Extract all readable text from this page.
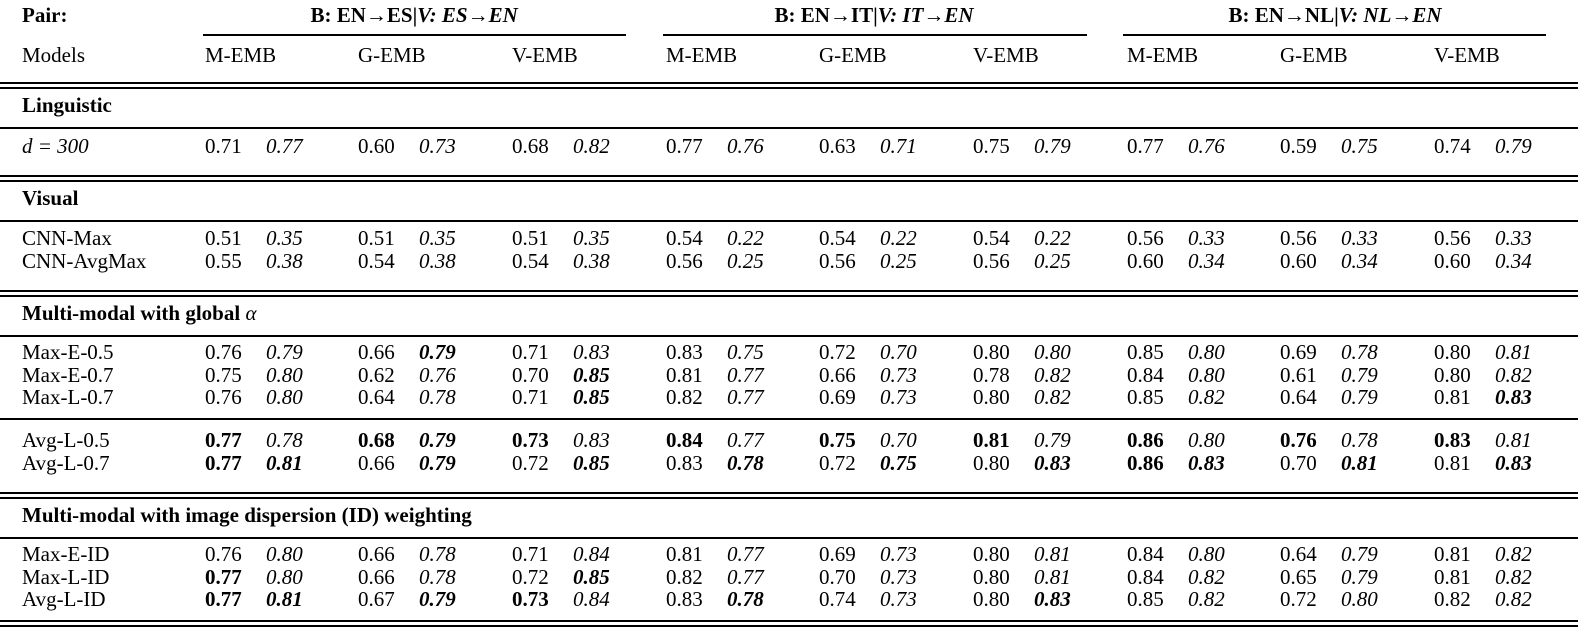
Pair:	B: EN→ES|V: ES→EN	B: EN→IT|V: IT→EN	B: EN→NL|V: NL→EN
Models	M-EMB	G-EMB	V-EMB	M-EMB	G-EMB	V-EMB	M-EMB	G-EMB	V-EMB
Linguistic
d = 300	0.71 0.77	0.60 0.73	0.68 0.82	0.77 0.76	0.63 0.71	0.75 0.79	0.77 0.76	0.59 0.75	0.74 0.79
Visual
CNN-Max	0.51 0.35	0.51 0.35	0.51 0.35	0.54 0.22	0.54 0.22	0.54 0.22	0.56 0.33	0.56 0.33	0.56 0.33
CNN-AvgMax	0.55 0.38	0.54 0.38	0.54 0.38	0.56 0.25	0.56 0.25	0.56 0.25	0.60 0.34	0.60 0.34	0.60 0.34
Multi-modal with global α
Max-E-0.5	0.76 0.79	0.66 0.79	0.71 0.83	0.83 0.75	0.72 0.70	0.80 0.80	0.85 0.80	0.69 0.78	0.80 0.81
Max-E-0.7	0.75 0.80	0.62 0.76	0.70 0.85	0.81 0.77	0.66 0.73	0.78 0.82	0.84 0.80	0.61 0.79	0.80 0.82
Max-L-0.7	0.76 0.80	0.64 0.78	0.71 0.85	0.82 0.77	0.69 0.73	0.80 0.82	0.85 0.82	0.64 0.79	0.81 0.83
Avg-L-0.5	0.77 0.78	0.68 0.79	0.73 0.83	0.84 0.77	0.75 0.70	0.81 0.79	0.86 0.80	0.76 0.78	0.83 0.81
Avg-L-0.7	0.77 0.81	0.66 0.79	0.72 0.85	0.83 0.78	0.72 0.75	0.80 0.83	0.86 0.83	0.70 0.81	0.81 0.83
Multi-modal with image dispersion (ID) weighting
Max-E-ID	0.76 0.80	0.66 0.78	0.71 0.84	0.81 0.77	0.69 0.73	0.80 0.81	0.84 0.80	0.64 0.79	0.81 0.82
Max-L-ID	0.77 0.80	0.66 0.78	0.72 0.85	0.82 0.77	0.70 0.73	0.80 0.81	0.84 0.82	0.65 0.79	0.81 0.82
Avg-L-ID	0.77 0.81	0.67 0.79	0.73 0.84	0.83 0.78	0.74 0.73	0.80 0.83	0.85 0.82	0.72 0.80	0.82 0.82
